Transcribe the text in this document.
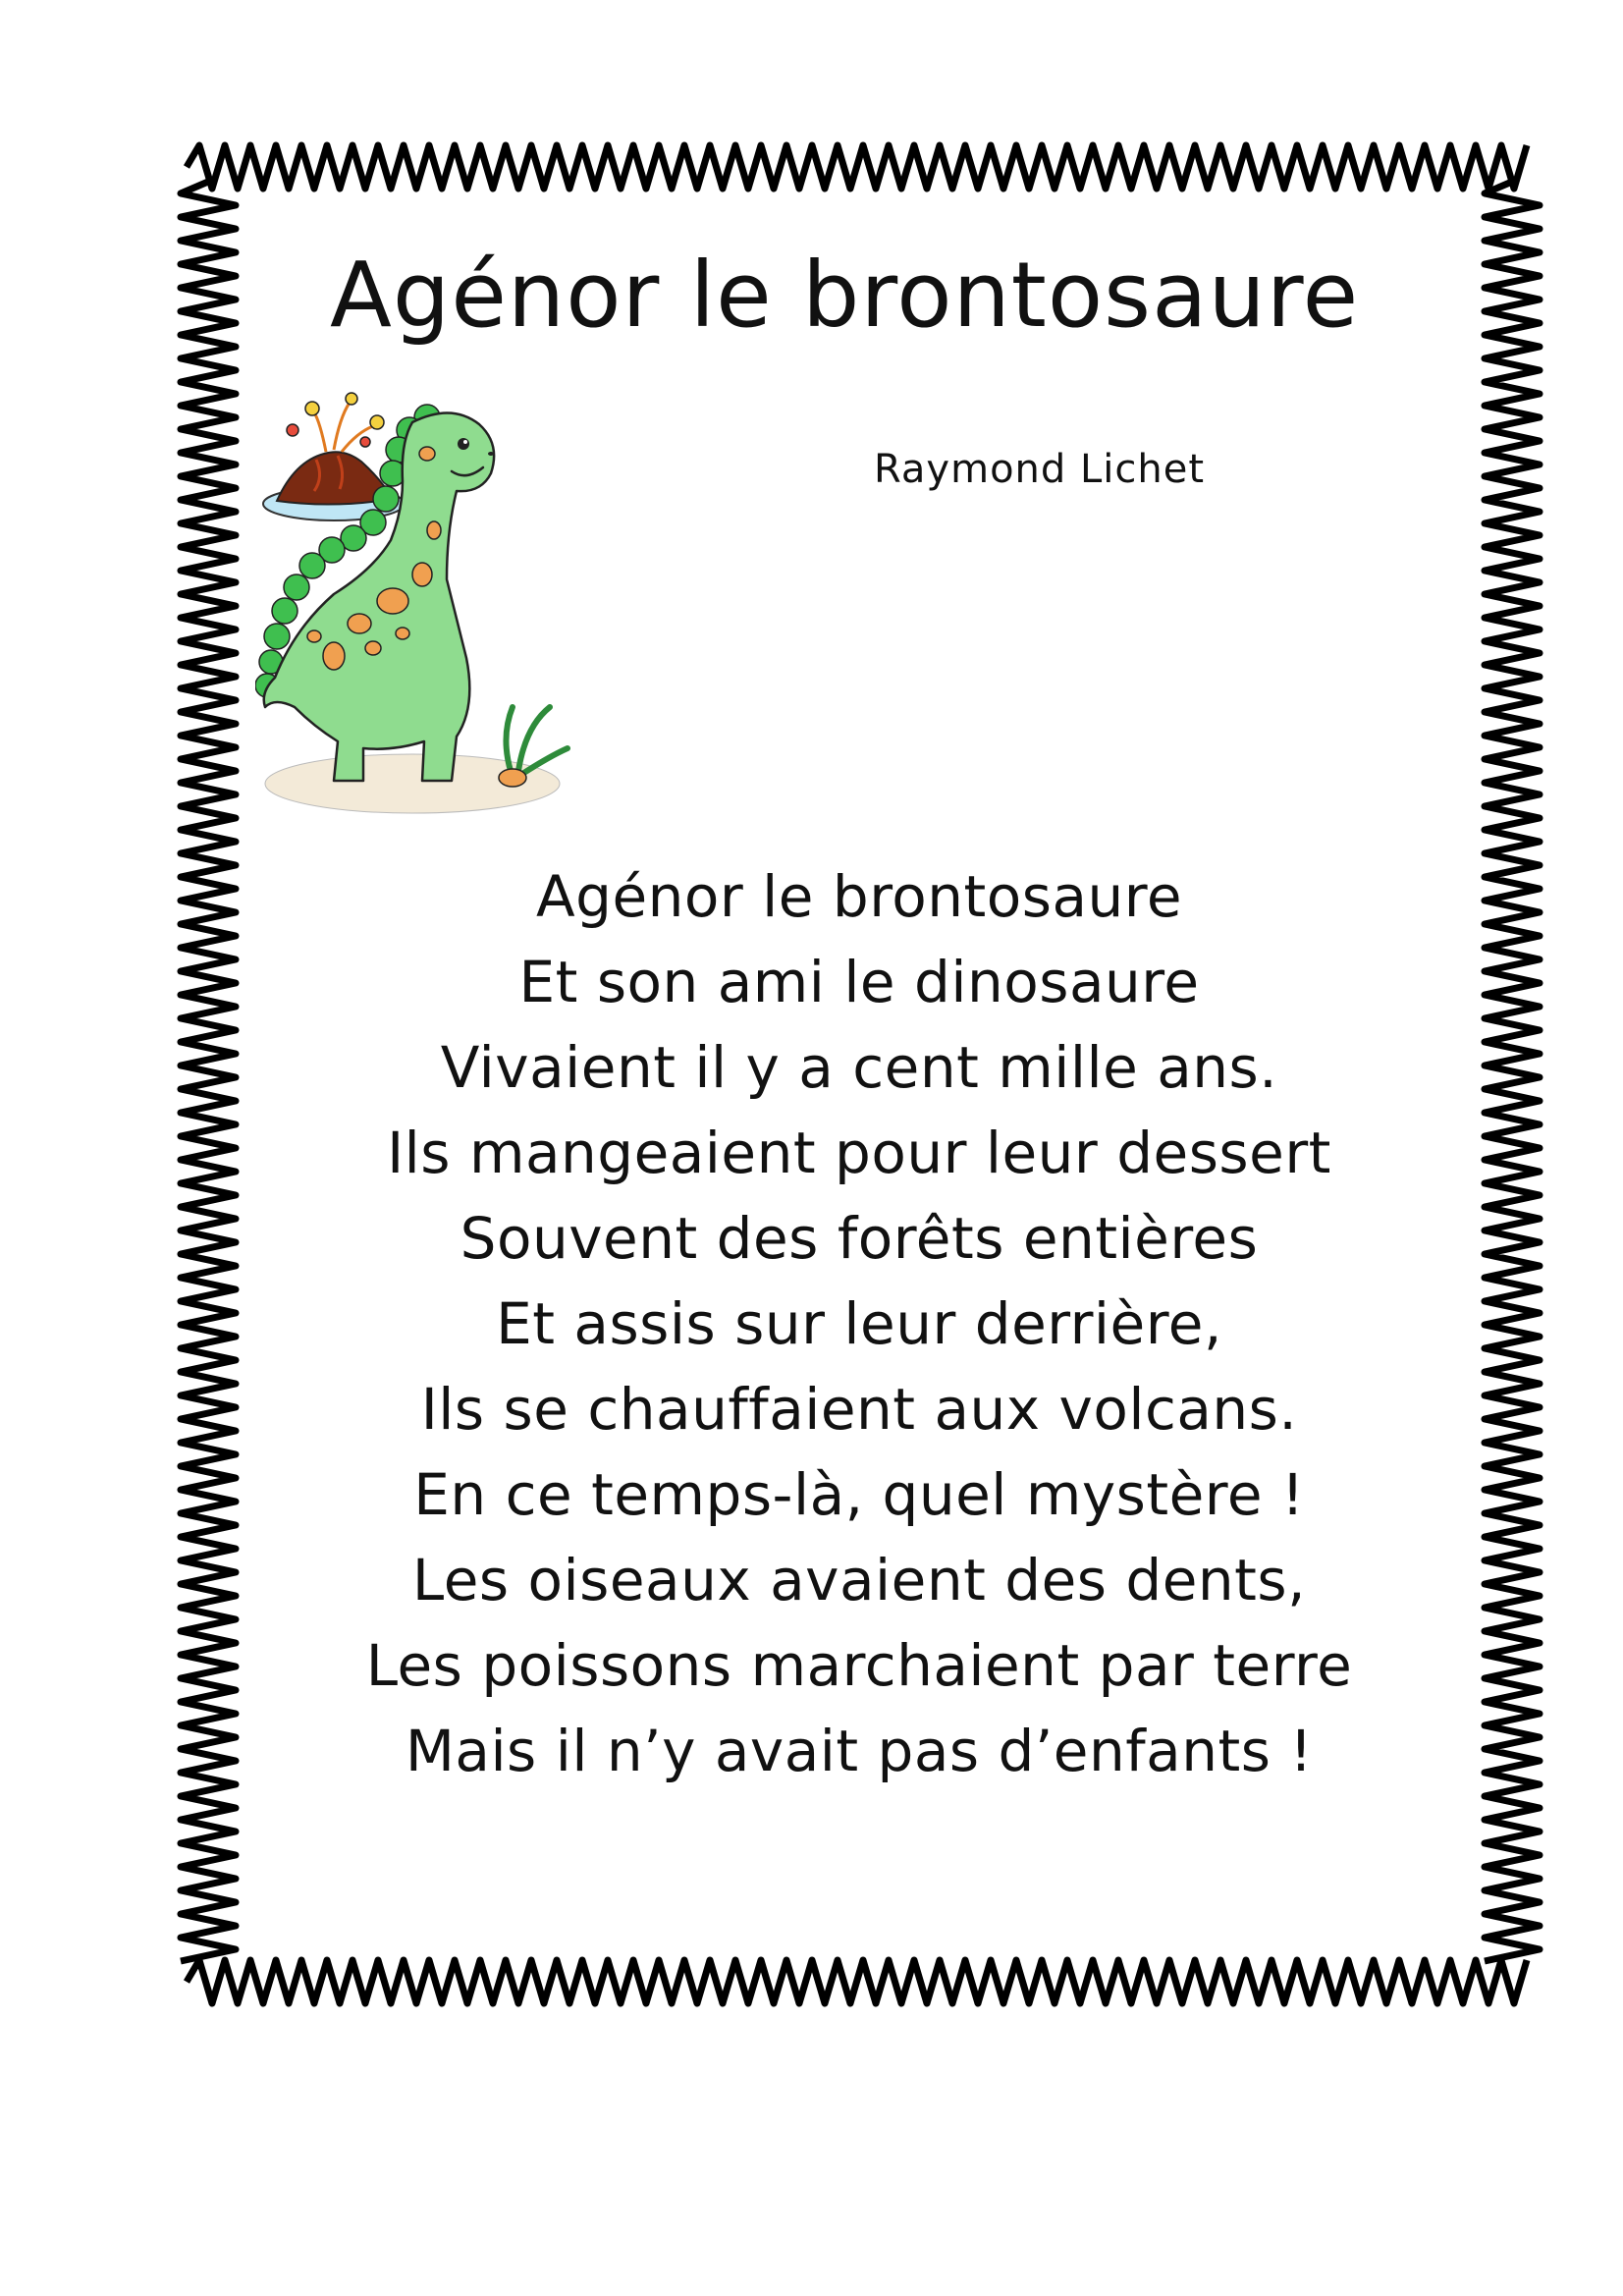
Agénor le brontosaure

Raymond Lichet

Agénor le brontosaure
Et son ami le dinosaure
Vivaient il y a cent mille ans.
Ils mangeaient pour leur dessert
Souvent des forêts entières
Et assis sur leur derrière,
Ils se chauffaient aux volcans.
En ce temps-là, quel mystère !
Les oiseaux avaient des dents,
Les poissons marchaient par terre
Mais il n’y avait pas d’enfants !
